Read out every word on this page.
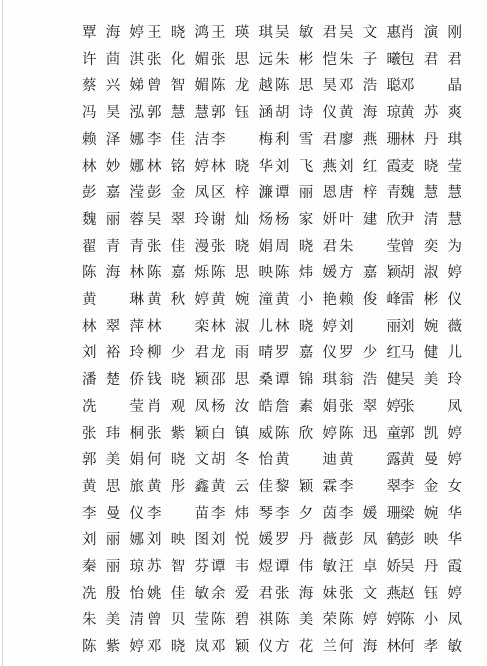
覃海婷 王晓鸿 王瑛琪 吴敏君 吴文惠 肖演刚
许茴淇 张化媚 张思远 朱彬恺 朱子曦 包君君
蔡兴娣 曾智媚 陈龙越 陈思昊 邓浩聪 邓 晶
冯昊泓 郭慧慧 郭钰涵 胡诗仪 黄海琼 黄苏爽
赖泽娜 李佳洁 李 梅 利雪君 廖燕珊 林丹琪
林妙娜 林铭婷 林晓华 刘飞燕 刘红霞 麦晓莹
彭嘉滢 彭金凤 区梓濂 谭丽恩 唐梓青 魏慧慧
魏丽蓉 吴翠玲 谢灿炀 杨家妍 叶建欣 尹清慧
翟青青 张佳漫 张晓娟 周晓君 朱 莹 曾奕为
陈海林 陈嘉烁 陈思映 陈炜媛 方嘉颖 胡淑婷
黄 琳 黄秋婷 黄婉潼 黄小艳 赖俊峰 雷彬仪
林翠萍 林 栾 林淑儿 林晓婷 刘 丽 刘婉薇
刘裕玲 柳少君 龙雨晴 罗嘉仪 罗少红 马健儿
潘楚侨 钱晓颖 邵思桑 谭锦琪 翁浩健 吴美玲
冼 莹 肖观凤 杨汝皓 詹素娟 张翠婷 张 凤
张玮桐 张紫颖 白镇威 陈欣婷 陈迅童 郭凯婷
郭美娟 何晓文 胡冬怡 黄 迪 黄 露 黄曼婷
黄思旅 黄彤鑫 黄云佳 黎颖霖 李 翠 李金女
李曼仪 李 苗 李炜琴 李夕茵 李媛珊 梁婉华
刘丽娜 刘映图 刘悦媛 罗丹薇 彭凤鹤 彭映华
秦丽琼 苏智芬 谭韦煜 谭伟敏 汪卓娇 吴丹霞
冼殷怡 姚佳敏 余爱君 张海妹 张文燕 赵钰婷
朱美清 曾贝莹 陈碧祺 陈美荣 陈婷婷 陈小凤
陈紫婷 邓晓岚 邓颖仪 方花兰 何海林 何孝敏
